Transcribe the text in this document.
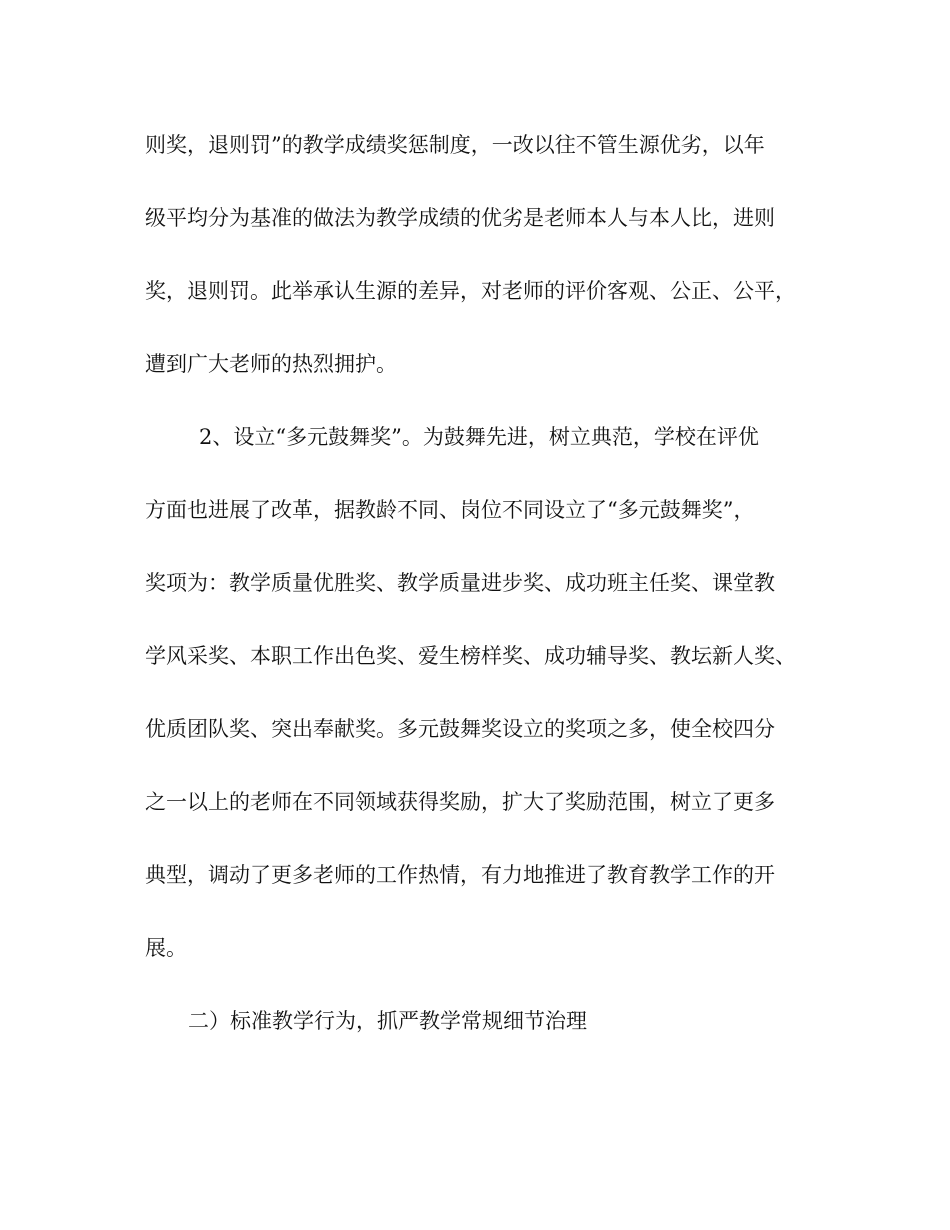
则奖，退则罚”的教学成绩奖惩制度，一改以往不管生源优劣，以年
级平均分为基准的做法为教学成绩的优劣是老师本人与本人比，进则
奖，退则罚。此举承认生源的差异，对老师的评价客观、公正、公平，
遭到广大老师的热烈拥护。
2、设立“多元鼓舞奖”。为鼓舞先进，树立典范，学校在评优
方面也进展了改革，据教龄不同、岗位不同设立了“多元鼓舞奖”，
奖项为：教学质量优胜奖、教学质量进步奖、成功班主任奖、课堂教
学风采奖、本职工作出色奖、爱生榜样奖、成功辅导奖、教坛新人奖、
优质团队奖、突出奉献奖。多元鼓舞奖设立的奖项之多，使全校四分
之一以上的老师在不同领域获得奖励，扩大了奖励范围，树立了更多
典型，调动了更多老师的工作热情，有力地推进了教育教学工作的开
展。
二）标准教学行为，抓严教学常规细节治理
